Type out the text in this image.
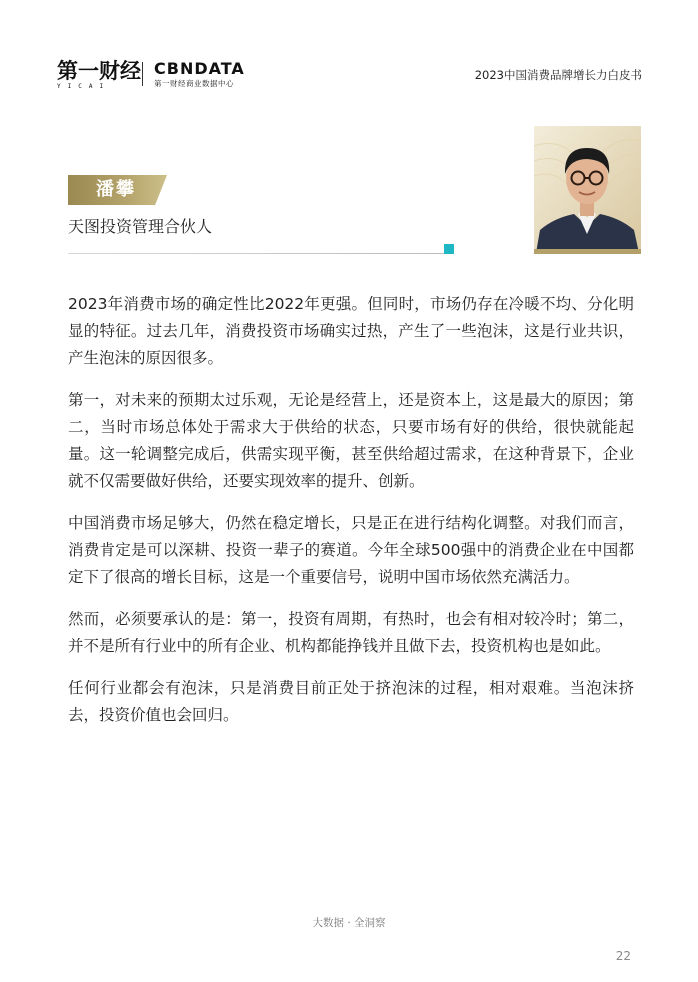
第一财经
YICAI
CBNDATA
第一财经商业数据中心
2023中国消费品牌增长力白皮书
潘攀
天图投资管理合伙人

2023年消费市场的确定性比2022年更强。但同时，市场仍存在冷暖不均、分化明显的特征。过去几年，消费投资市场确实过热，产生了一些泡沫，这是行业共识，产生泡沫的原因很多。

第一，对未来的预期太过乐观，无论是经营上，还是资本上，这是最大的原因；第二，当时市场总体处于需求大于供给的状态，只要市场有好的供给，很快就能起量。这一轮调整完成后，供需实现平衡，甚至供给超过需求，在这种背景下，企业就不仅需要做好供给，还要实现效率的提升、创新。

中国消费市场足够大，仍然在稳定增长，只是正在进行结构化调整。对我们而言，消费肯定是可以深耕、投资一辈子的赛道。今年全球500强中的消费企业在中国都定下了很高的增长目标，这是一个重要信号，说明中国市场依然充满活力。

然而，必须要承认的是：第一，投资有周期，有热时，也会有相对较冷时；第二，并不是所有行业中的所有企业、机构都能挣钱并且做下去，投资机构也是如此。

任何行业都会有泡沫，只是消费目前正处于挤泡沫的过程，相对艰难。当泡沫挤去，投资价值也会回归。

大数据 · 全洞察
22
